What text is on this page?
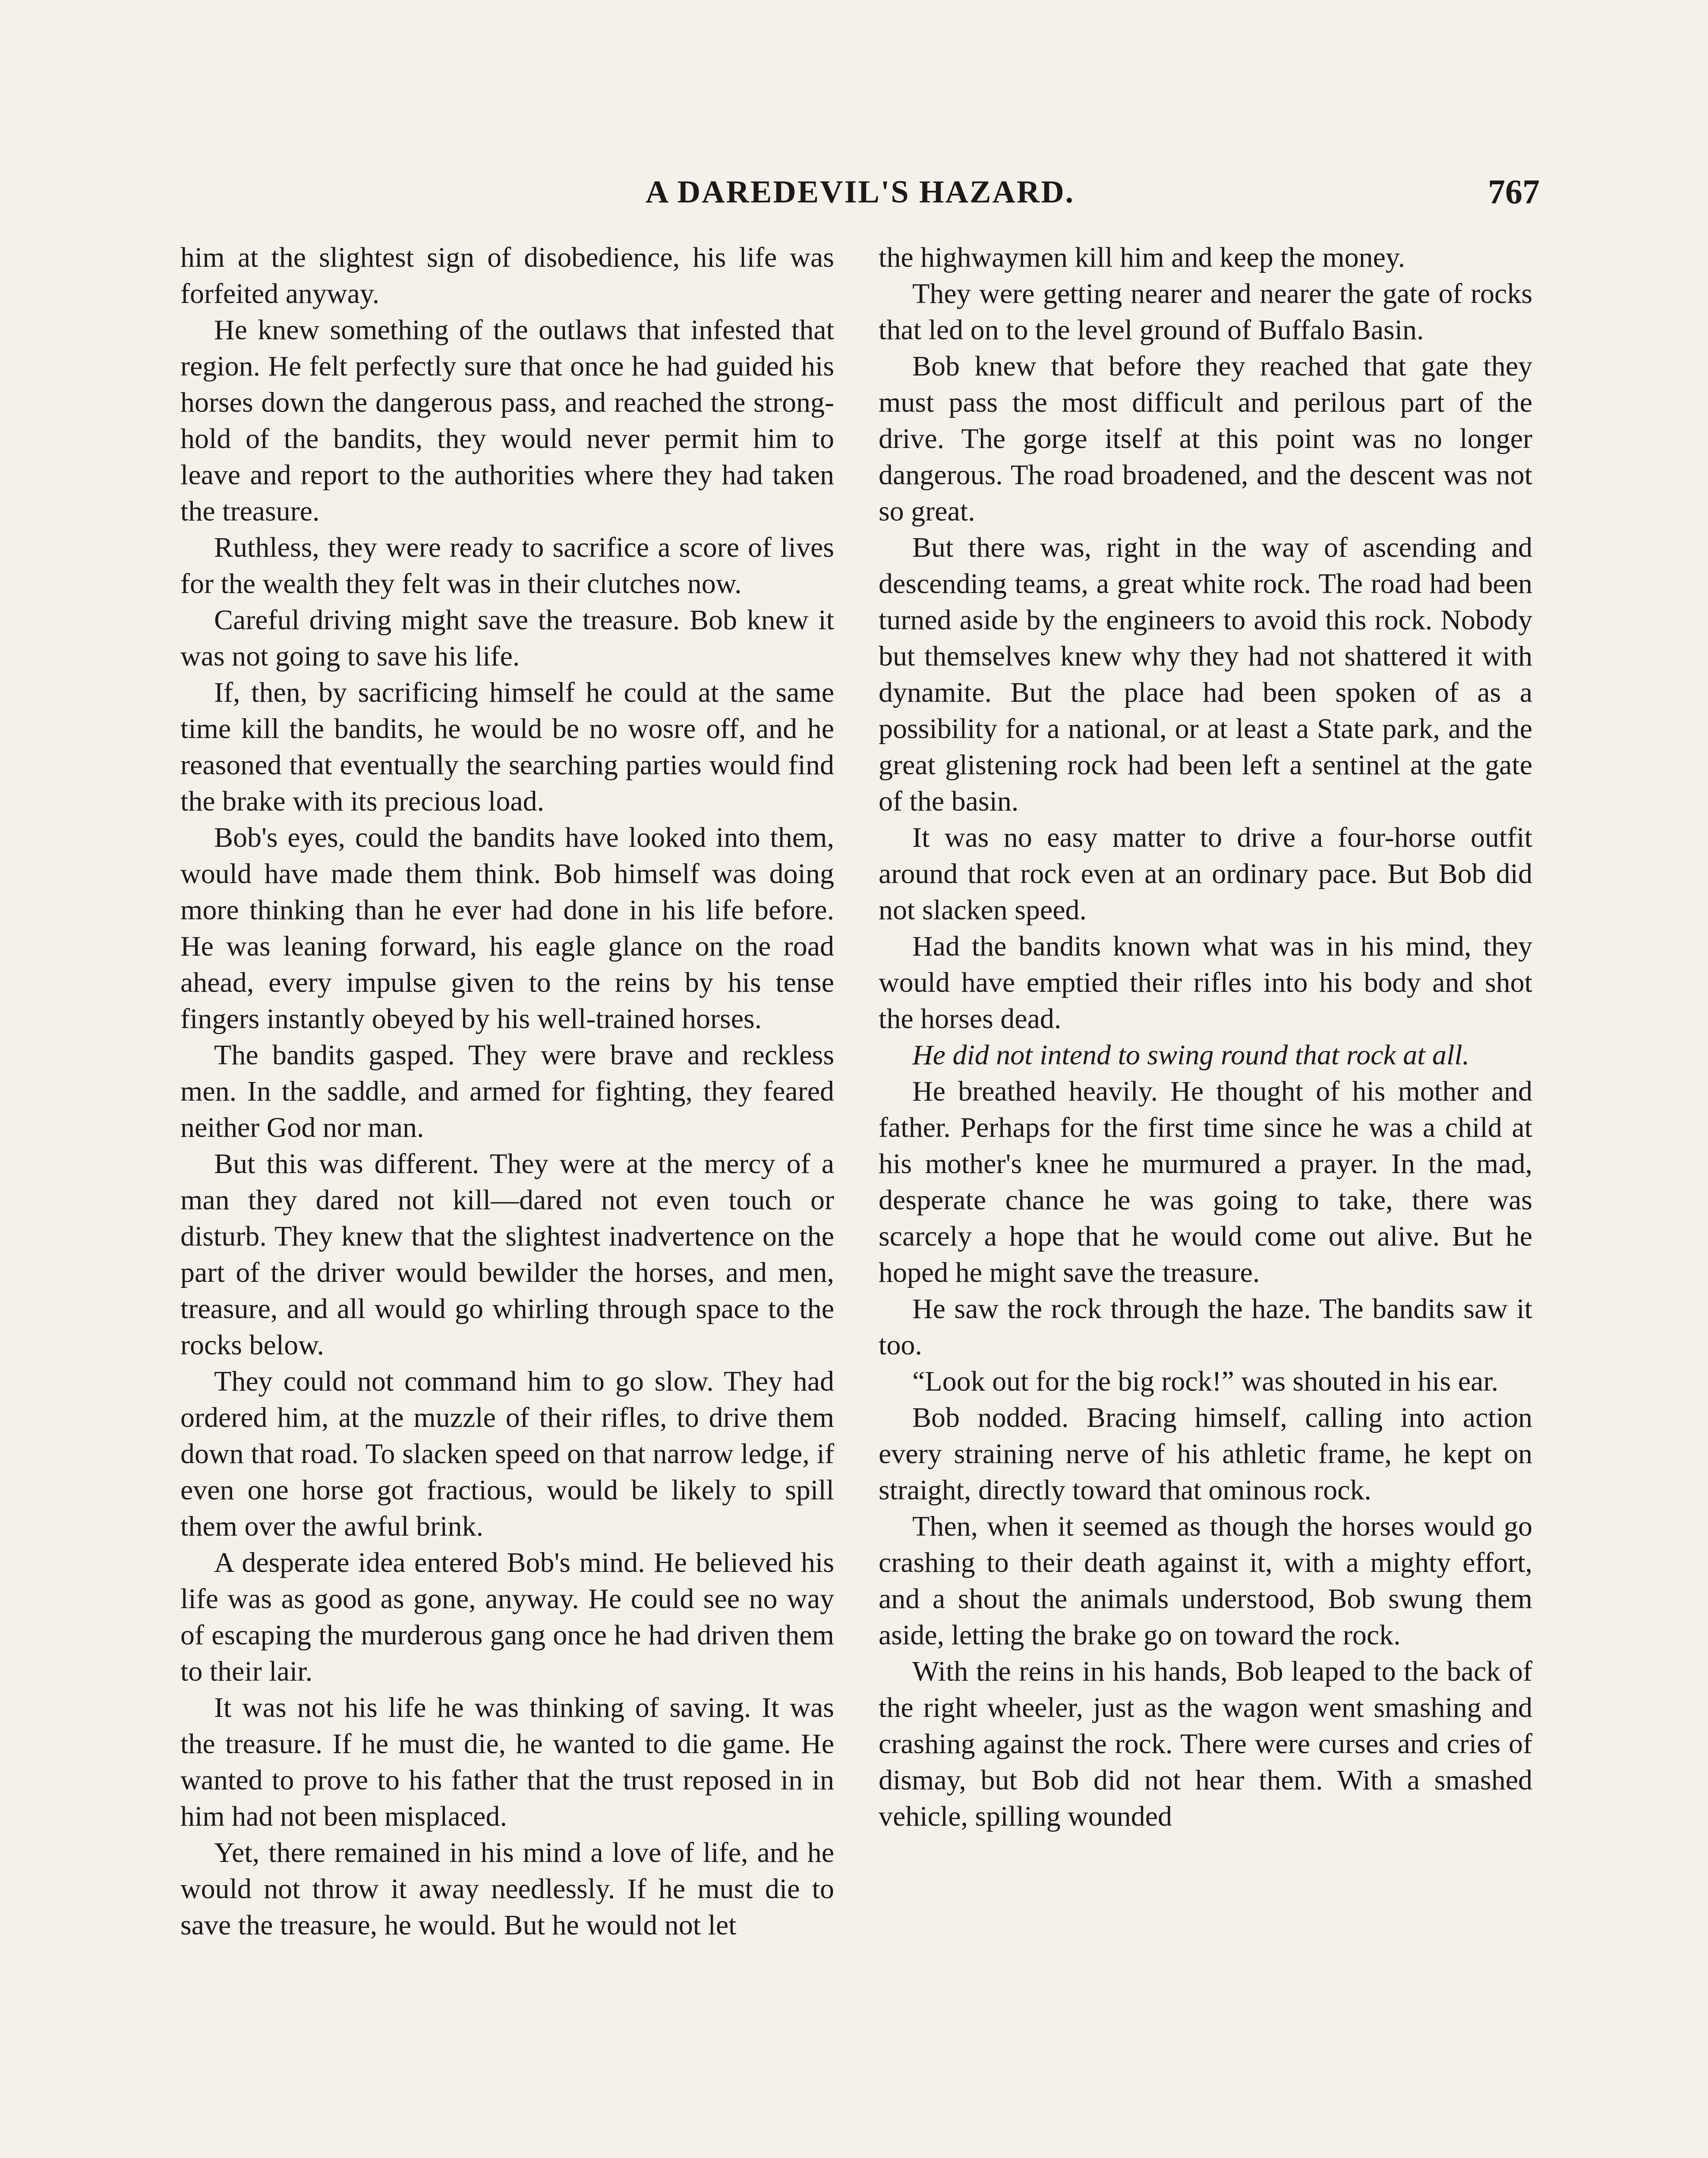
A DAREDEVIL'S HAZARD.	767

him at the slightest sign of disobedience, his life was forfeited anyway.

He knew something of the outlaws that infested that region. He felt perfectly sure that once he had guided his horses down the dangerous pass, and reached the stronghold of the bandits, they would never permit him to leave and report to the authorities where they had taken the treasure.

Ruthless, they were ready to sacrifice a score of lives for the wealth they felt was in their clutches now.

Careful driving might save the treasure. Bob knew it was not going to save his life.

If, then, by sacrificing himself he could at the same time kill the bandits, he would be no wosre off, and he reasoned that eventually the searching parties would find the brake with its precious load.

Bob's eyes, could the bandits have looked into them, would have made them think. Bob himself was doing more thinking than he ever had done in his life before. He was leaning forward, his eagle glance on the road ahead, every impulse given to the reins by his tense fingers instantly obeyed by his well-trained horses.

The bandits gasped. They were brave and reckless men. In the saddle, and armed for fighting, they feared neither God nor man.

But this was different. They were at the mercy of a man they dared not kill—dared not even touch or disturb. They knew that the slightest inadvertence on the part of the driver would bewilder the horses, and men, treasure, and all would go whirling through space to the rocks below.

They could not command him to go slow. They had ordered him, at the muzzle of their rifles, to drive them down that road. To slacken speed on that narrow ledge, if even one horse got fractious, would be likely to spill them over the awful brink.

A desperate idea entered Bob's mind. He believed his life was as good as gone, anyway. He could see no way of escaping the murderous gang once he had driven them to their lair.

It was not his life he was thinking of saving. It was the treasure. If he must die, he wanted to die game. He wanted to prove to his father that the trust reposed in in him had not been misplaced.

Yet, there remained in his mind a love of life, and he would not throw it away needlessly. If he must die to save the treasure, he would. But he would not let

the highwaymen kill him and keep the money.

They were getting nearer and nearer the gate of rocks that led on to the level ground of Buffalo Basin.

Bob knew that before they reached that gate they must pass the most difficult and perilous part of the drive. The gorge itself at this point was no longer dangerous. The road broadened, and the descent was not so great.

But there was, right in the way of ascending and descending teams, a great white rock. The road had been turned aside by the engineers to avoid this rock. Nobody but themselves knew why they had not shattered it with dynamite. But the place had been spoken of as a possibility for a national, or at least a State park, and the great glistening rock had been left a sentinel at the gate of the basin.

It was no easy matter to drive a four-horse outfit around that rock even at an ordinary pace. But Bob did not slacken speed.

Had the bandits known what was in his mind, they would have emptied their rifles into his body and shot the horses dead.

He did not intend to swing round that rock at all.

He breathed heavily. He thought of his mother and father. Perhaps for the first time since he was a child at his mother's knee he murmured a prayer. In the mad, desperate chance he was going to take, there was scarcely a hope that he would come out alive. But he hoped he might save the treasure.

He saw the rock through the haze. The bandits saw it too.

“Look out for the big rock!” was shouted in his ear.

Bob nodded. Bracing himself, calling into action every straining nerve of his athletic frame, he kept on straight, directly toward that ominous rock.

Then, when it seemed as though the horses would go crashing to their death against it, with a mighty effort, and a shout the animals understood, Bob swung them aside, letting the brake go on toward the rock.

With the reins in his hands, Bob leaped to the back of the right wheeler, just as the wagon went smashing and crashing against the rock. There were curses and cries of dismay, but Bob did not hear them. With a smashed vehicle, spilling wounded
